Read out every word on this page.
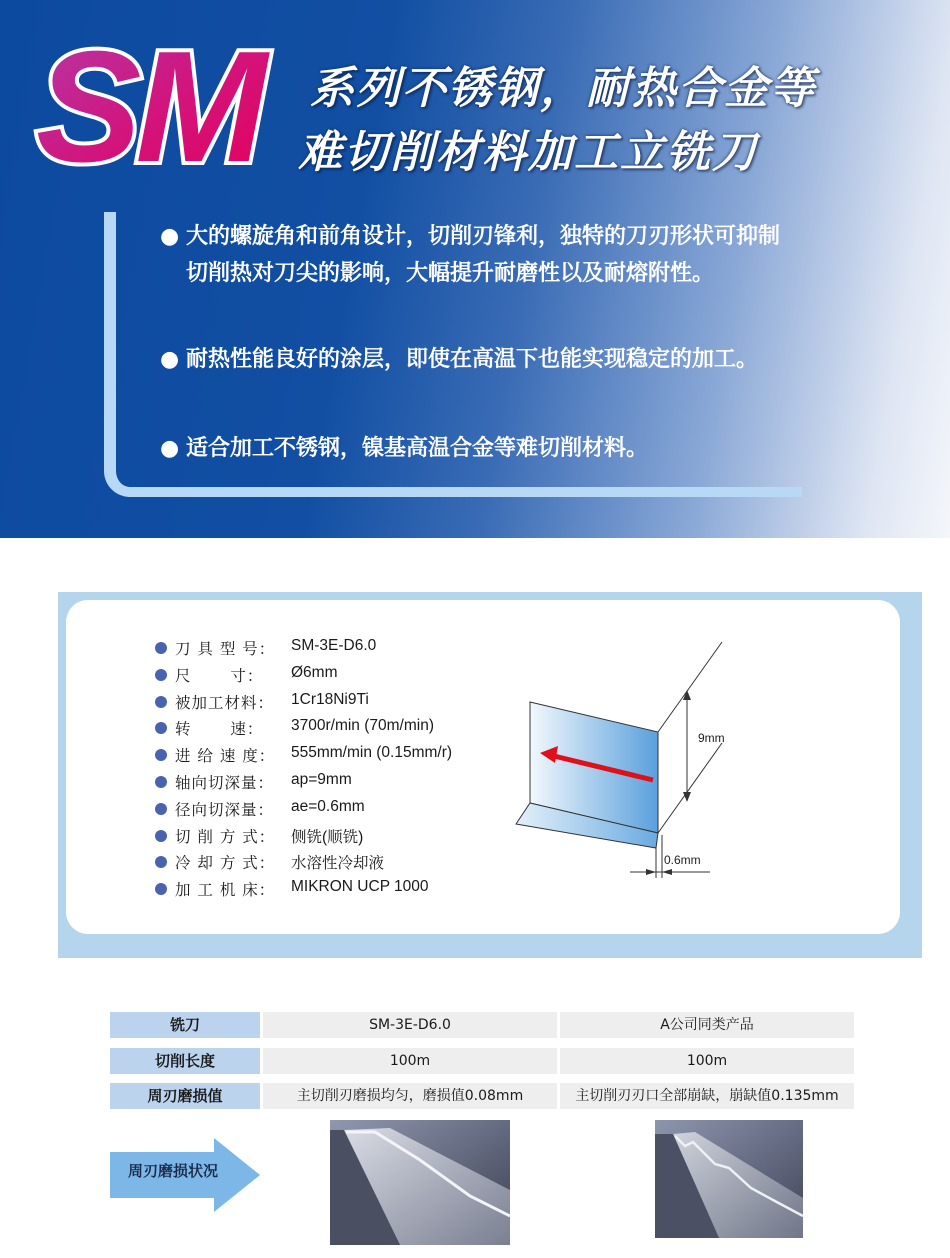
SM 系列不锈钢，耐热合金等
难切削材料加工立铣刀
● 大的螺旋角和前角设计，切削刃锋利，独特的刀刃形状可抑制切削热对刀尖的影响，大幅提升耐磨性以及耐熔附性。
● 耐热性能良好的涂层，即使在高温下也能实现稳定的加工。
● 适合加工不锈钢，镍基高温合金等难切削材料。
刀 具 型 号：	SM-3E-D6.0
尺　　 寸：	Ø6mm
被加工材料：	1Cr18Ni9Ti
转　　 速：	3700r/min (70m/min)
进 给 速 度：	555mm/min (0.15mm/r)
轴向切深量：	ap=9mm
径向切深量：	ae=0.6mm
切 削 方 式：	侧铣(顺铣)
冷 却 方 式：	水溶性冷却液
加 工 机 床：	MIKRON UCP 1000
9mm
0.6mm
铣刀	SM-3E-D6.0	A公司同类产品
切削长度	100m	100m
周刃磨损值	主切削刃磨损均匀，磨损值0.08mm	主切削刃刃口全部崩缺，崩缺值0.135mm
周刃磨损状况
